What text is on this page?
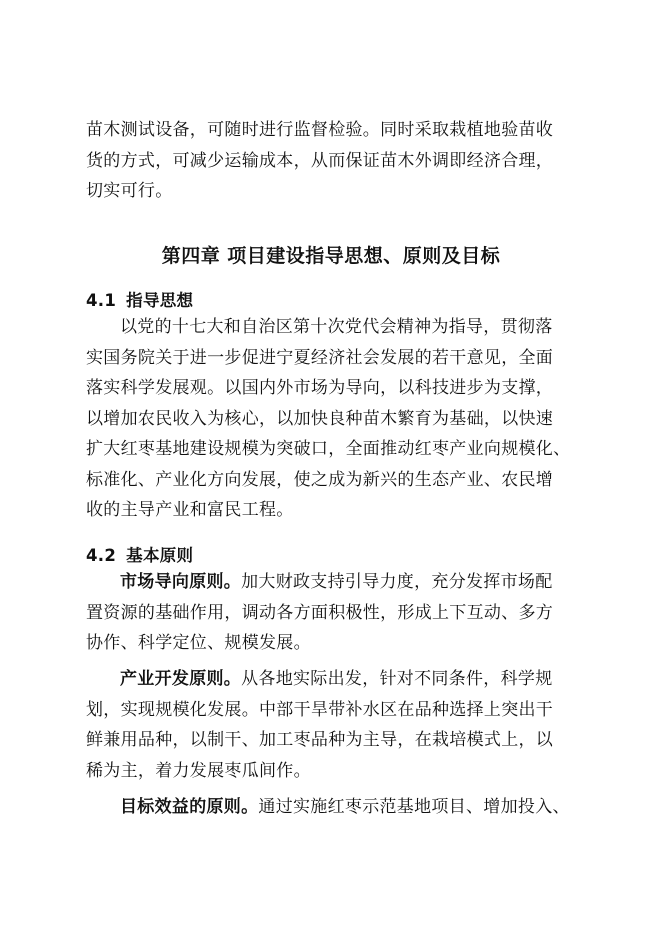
苗木测试设备，可随时进行监督检验。同时采取栽植地验苗收
货的方式，可减少运输成本，从而保证苗木外调即经济合理，
切实可行。
第四章 项目建设指导思想、原则及目标
4.1 指导思想
以党的十七大和自治区第十次党代会精神为指导，贯彻落
实国务院关于进一步促进宁夏经济社会发展的若干意见，全面
落实科学发展观。以国内外市场为导向，以科技进步为支撑，
以增加农民收入为核心，以加快良种苗木繁育为基础，以快速
扩大红枣基地建设规模为突破口，全面推动红枣产业向规模化、
标准化、产业化方向发展，使之成为新兴的生态产业、农民增
收的主导产业和富民工程。
4.2 基本原则
市场导向原则。加大财政支持引导力度，充分发挥市场配
置资源的基础作用，调动各方面积极性，形成上下互动、多方
协作、科学定位、规模发展。
产业开发原则。从各地实际出发，针对不同条件，科学规
划，实现规模化发展。中部干旱带补水区在品种选择上突出干
鲜兼用品种，以制干、加工枣品种为主导，在栽培模式上，以
稀为主，着力发展枣瓜间作。
目标效益的原则。通过实施红枣示范基地项目、增加投入、
